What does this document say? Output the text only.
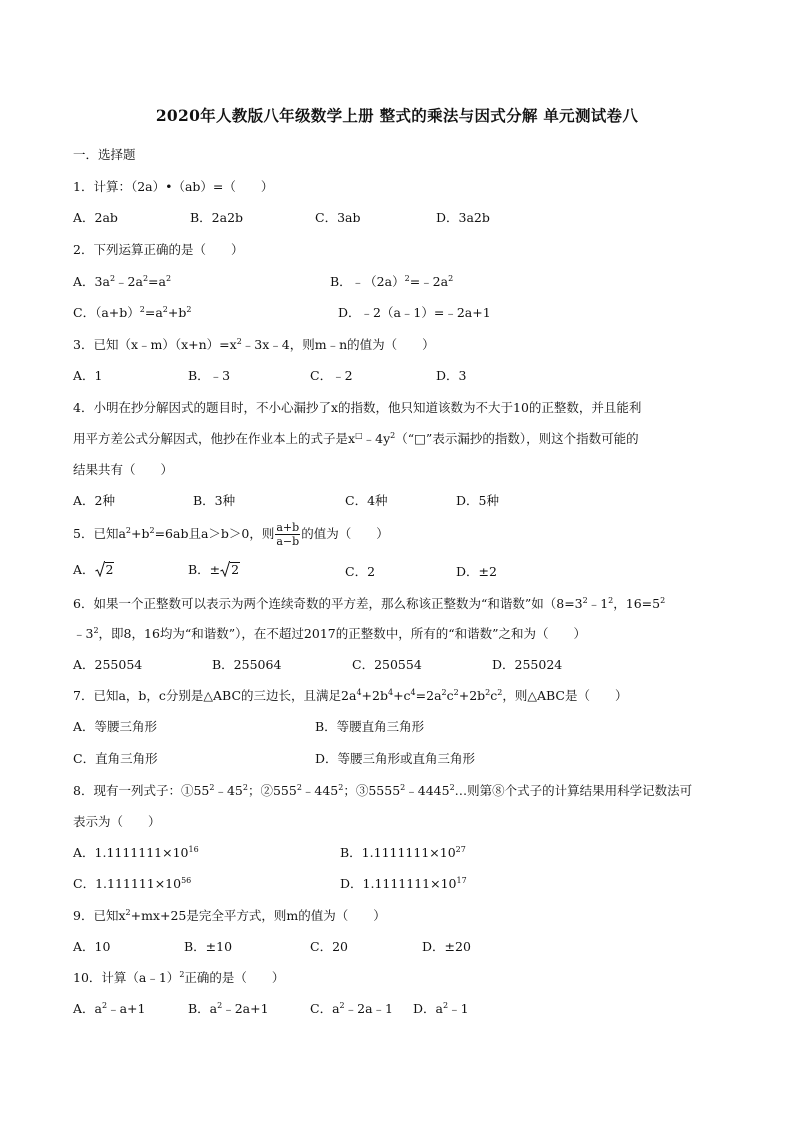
2020年人教版八年级数学上册 整式的乘法与因式分解 单元测试卷八
一．选择题
1．计算：（2a）•（ab）=（　　）
A．2ab	B．2a2b	C．3ab	D．3a2b
2．下列运算正确的是（　　）
A．$3a^2﹣2a^2=a^2$	B．$﹣(2a)^2=﹣2a^2$
C．$(a+b)^2=a^2+b^2$	D．﹣2（a﹣1）=﹣2a+1
3．已知$(x﹣m)(x+n)=x^2﹣3x﹣4$，则m﹣n的值为（　　）
A．1	B．﹣3	C．﹣2	D．3
4．小明在抄分解因式的题目时，不小心漏抄了x的指数，他只知道该数为不大于10的正整数，并且能利
用平方差公式分解因式，他抄在作业本上的式子是$x^□﹣4y^2(“□$”表示漏抄的指数），则这个指数可能的
结果共有（　　）
A．2种	B．3种	C．4种	D．5种
5．已知$a^2+b^2=6ab$且a＞b＞0，则 $\frac{a+b}{a-b}$ 的值为（　　）
A． 2	B．± 2	C．2	D．±2
6．如果一个正整数可以表示为两个连续奇数的平方差，那么称该正整数为“和谐数”如（$8=3^2﹣1^2$，$16=5^2$
$﹣3^2$，即8，16均为“和谐数”），在不超过2017的正整数中，所有的“和谐数”之和为（　　）
A．255054	B．255064	C．250554	D．255024
7．已知a，b，c分别是△ABC的三边长，且满足$2a^4+2b^4+c^4=2a^2c^2+2b^2c^2$，则△ABC是（　　）
A．等腰三角形	B．等腰直角三角形
C．直角三角形	D．等腰三角形或直角三角形
8．现有一列式子：$①55^2﹣45^2$；$②555^2﹣445^2$；③5555$^2$﹣4445$^2$…则第⑧个式子的计算结果用科学记数法可
表示为（　　）
A．$1.1111111\times 10^{16}$	B．$1.1111111\times 10^{27}$
C．$1.111111\times 10^{56}$	D．$1.1111111\times 10^{17}$
9．已知$x^2+mx+25$是完全平方式，则m的值为（　　）
A．10	B．±10	C．20	D．±20
10．计算（a﹣1）$^2$正确的是（　　）
A．$a^2﹣a+1$	B．$a^2﹣2a+1$	C．$a^2﹣2a﹣1$ D．$a^2﹣1$
